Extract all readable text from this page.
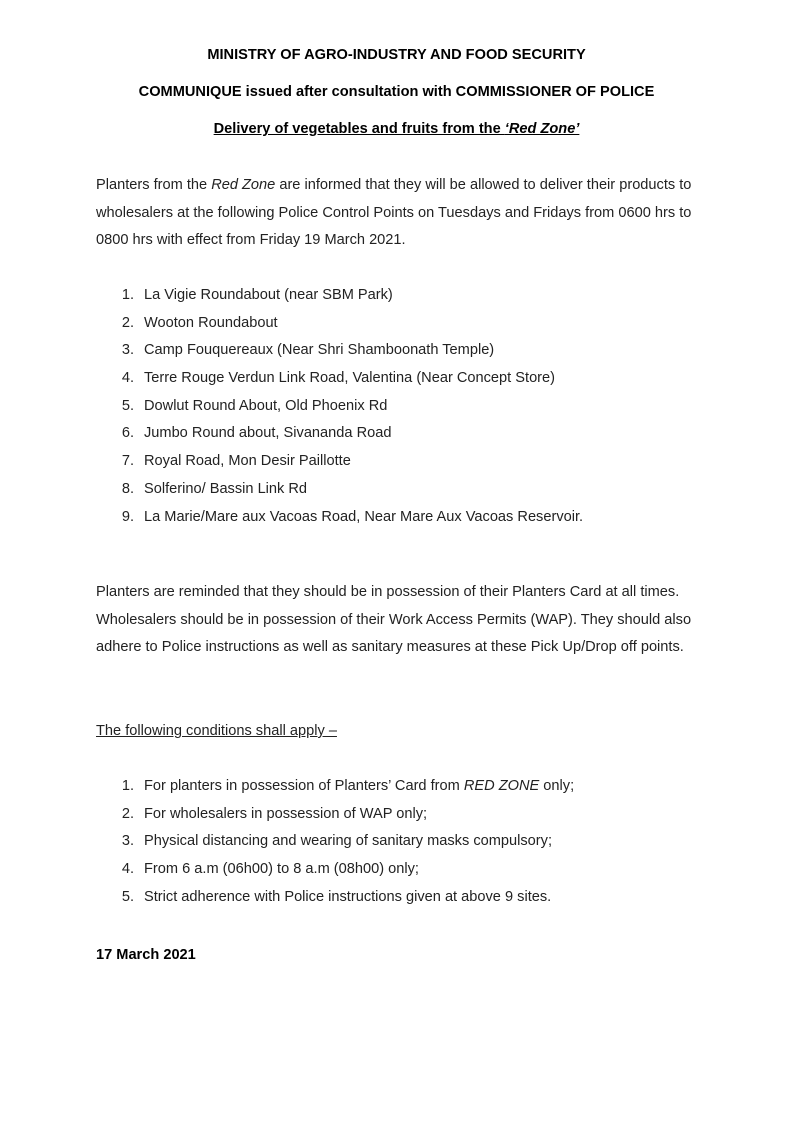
MINISTRY OF AGRO-INDUSTRY AND FOOD SECURITY
COMMUNIQUE issued after consultation with COMMISSIONER OF POLICE
Delivery of vegetables and fruits from the ‘Red Zone’
Planters from the Red Zone are informed that they will be allowed to deliver their products to wholesalers at the following Police Control Points on Tuesdays and Fridays from 0600 hrs to 0800 hrs with effect from Friday 19 March 2021.
1. La Vigie Roundabout (near SBM Park)
2. Wooton Roundabout
3. Camp Fouquereaux (Near Shri Shamboonath Temple)
4. Terre Rouge Verdun Link Road, Valentina (Near Concept Store)
5. Dowlut Round About, Old Phoenix Rd
6. Jumbo Round about, Sivananda Road
7. Royal Road, Mon Desir Paillotte
8. Solferino/ Bassin Link Rd
9. La Marie/Mare aux Vacoas Road, Near Mare Aux Vacoas Reservoir.
Planters are reminded that they should be in possession of their Planters Card at all times. Wholesalers should be in possession of their Work Access Permits (WAP). They should also adhere to Police instructions as well as sanitary measures at these Pick Up/Drop off points.
The following conditions shall apply –
1. For planters in possession of Planters’ Card from RED ZONE only;
2. For wholesalers in possession of WAP only;
3. Physical distancing and wearing of sanitary masks compulsory;
4. From 6 a.m (06h00) to 8 a.m (08h00) only;
5. Strict adherence with Police instructions given at above 9 sites.
17 March 2021
